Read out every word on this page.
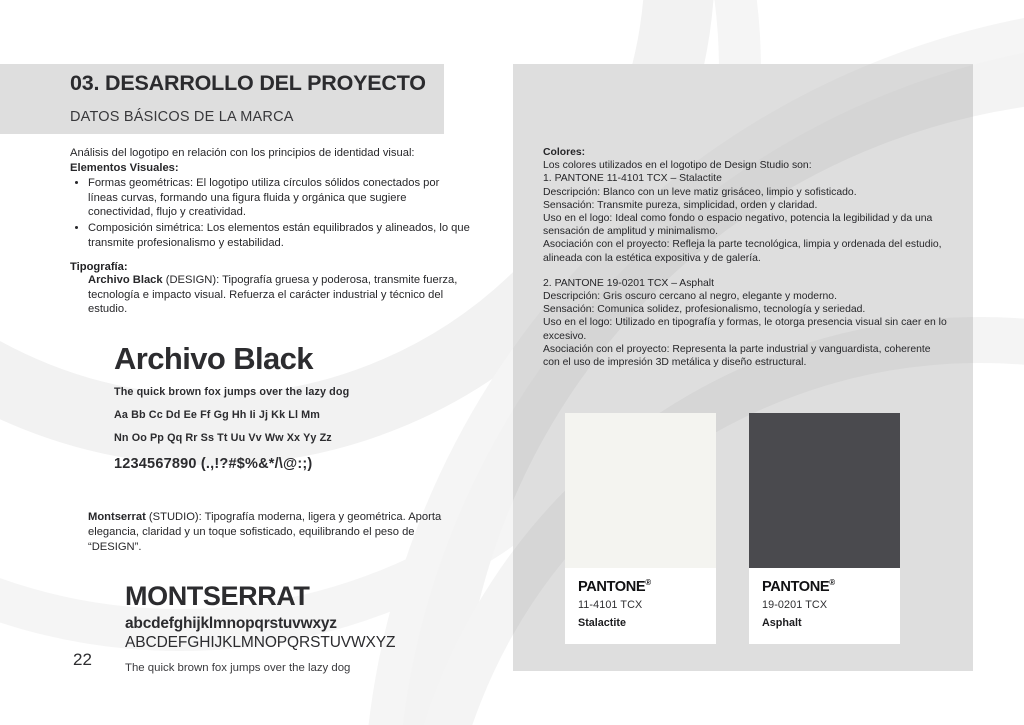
03. DESARROLLO DEL PROYECTO
DATOS BÁSICOS DE LA MARCA
Análisis del logotipo en relación con los principios de identidad visual:
Elementos Visuales:
• Formas geométricas: El logotipo utiliza círculos sólidos conectados por líneas curvas, formando una figura fluida y orgánica que sugiere conectividad, flujo y creatividad.
• Composición simétrica: Los elementos están equilibrados y alineados, lo que transmite profesionalismo y estabilidad.
Tipografía:
Archivo Black (DESIGN): Tipografía gruesa y poderosa, transmite fuerza, tecnología e impacto visual. Refuerza el carácter industrial y técnico del estudio.
Archivo Black
The quick brown fox jumps over the lazy dog
Aa Bb Cc Dd Ee Ff Gg Hh Ii Jj Kk Ll Mm
Nn Oo Pp Qq Rr Ss Tt Uu Vv Ww Xx Yy Zz
1234567890 (.,!?#$%&*/\@:;)
Montserrat (STUDIO): Tipografía moderna, ligera y geométrica. Aporta elegancia, claridad y un toque sofisticado, equilibrando el peso de “DESIGN”.
MONTSERRAT
abcdefghijklmnopqrstuvwxyz
ABCDEFGHIJKLMNOPQRSTUVWXYZ
The quick brown fox jumps over the lazy dog
22
Colores:
Los colores utilizados en el logotipo de Design Studio son:
1. PANTONE 11-4101 TCX – Stalactite
Descripción: Blanco con un leve matiz grisáceo, limpio y sofisticado.
Sensación: Transmite pureza, simplicidad, orden y claridad.
Uso en el logo: Ideal como fondo o espacio negativo, potencia la legibilidad y da una sensación de amplitud y minimalismo.
Asociación con el proyecto: Refleja la parte tecnológica, limpia y ordenada del estudio, alineada con la estética expositiva y de galería.
2. PANTONE 19-0201 TCX – Asphalt
Descripción: Gris oscuro cercano al negro, elegante y moderno.
Sensación: Comunica solidez, profesionalismo, tecnología y seriedad.
Uso en el logo: Utilizado en tipografía y formas, le otorga presencia visual sin caer en lo excesivo.
Asociación con el proyecto: Representa la parte industrial y vanguardista, coherente con el uso de impresión 3D metálica y diseño estructural.
PANTONE®
11-4101 TCX
Stalactite
PANTONE®
19-0201 TCX
Asphalt
